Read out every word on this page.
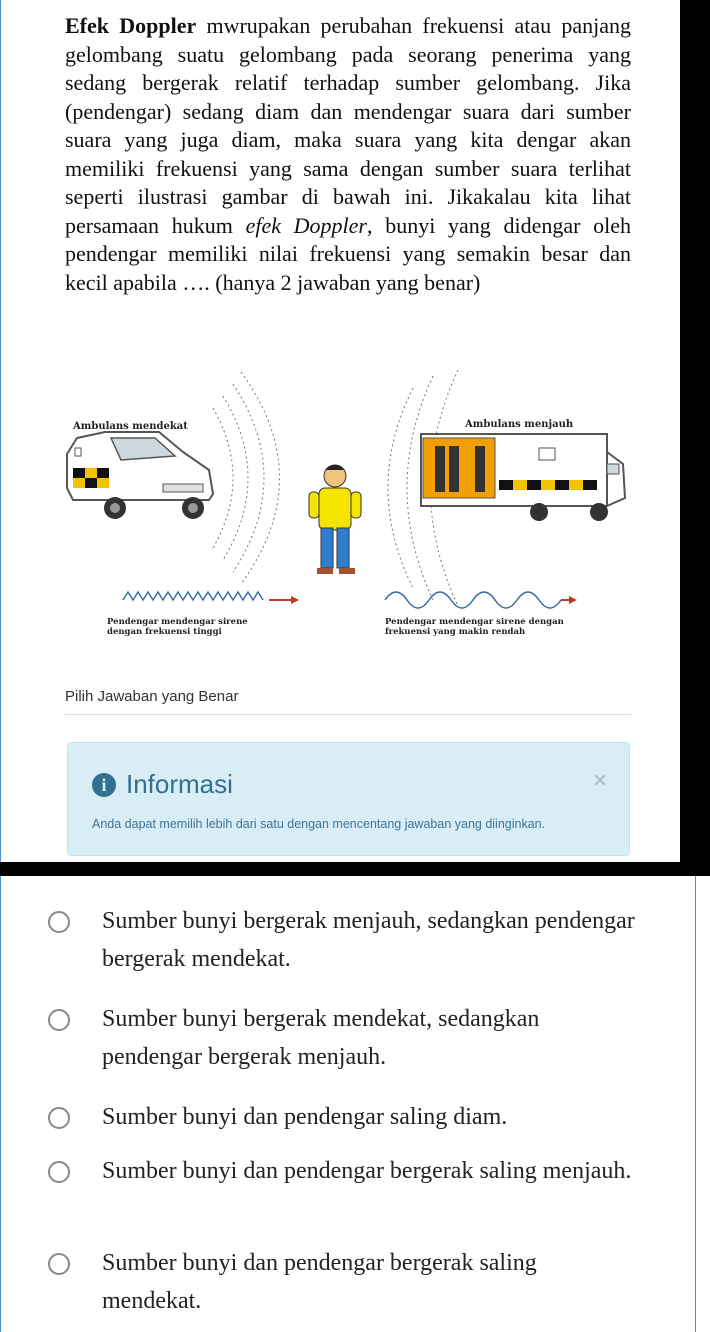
Efek Doppler mwrupakan perubahan frekuensi atau panjang gelombang suatu gelombang pada seorang penerima yang sedang bergerak relatif terhadap sumber gelombang. Jika (pendengar) sedang diam dan mendengar suara dari sumber suara yang juga diam, maka suara yang kita dengar akan memiliki frekuensi yang sama dengan sumber suara terlihat seperti ilustrasi gambar di bawah ini. Jikakalau kita lihat persamaan hukum efek Doppler, bunyi yang didengar oleh pendengar memiliki nilai frekuensi yang semakin besar dan kecil apabila …. (hanya 2 jawaban yang benar)
Ambulans mendekat	Ambulans menjauh
Pendengar mendengar sirene
dengan frekuensi tinggi
Pendengar mendengar sirene dengan
frekuensi yang makin rendah
Pilih Jawaban yang Benar
i Informasi	×
Anda dapat memilih lebih dari satu dengan mencentang jawaban yang diinginkan.
Sumber bunyi bergerak menjauh, sedangkan pendengar bergerak mendekat.
Sumber bunyi bergerak mendekat, sedangkan pendengar bergerak menjauh.
Sumber bunyi dan pendengar saling diam.
Sumber bunyi dan pendengar bergerak saling menjauh.
Sumber bunyi dan pendengar bergerak saling mendekat.
